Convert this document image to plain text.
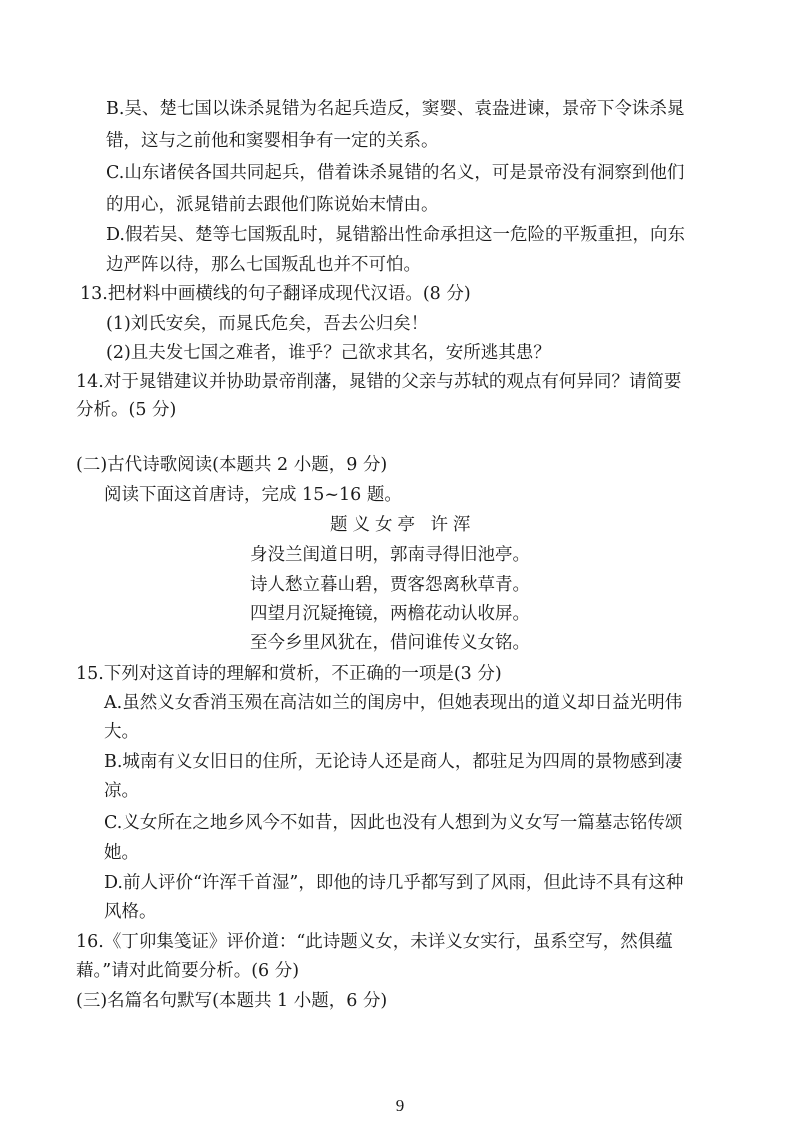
B.吴、楚七国以诛杀晁错为名起兵造反，窦婴、袁盎进谏，景帝下令诛杀晁
错，这与之前他和窦婴相争有一定的关系。
C.山东诸侯各国共同起兵，借着诛杀晁错的名义，可是景帝没有洞察到他们
的用心，派晁错前去跟他们陈说始末情由。
D.假若吴、楚等七国叛乱时，晁错豁出性命承担这一危险的平叛重担，向东
边严阵以待，那么七国叛乱也并不可怕。
13.把材料中画横线的句子翻译成现代汉语。(8 分)
(1)刘氏安矣，而晁氏危矣，吾去公归矣！
(2)且夫发七国之难者，谁乎？己欲求其名，安所逃其患？
14.对于晁错建议并协助景帝削藩，晁错的父亲与苏轼的观点有何异同？请简要
分析。(5 分)
(二)古代诗歌阅读(本题共 2 小题，9 分)
阅读下面这首唐诗，完成 15~16 题。
题义女亭 许浑
身没兰闺道日明，郭南寻得旧池亭。
诗人愁立暮山碧，贾客怨离秋草青。
四望月沉疑掩镜，两檐花动认收屏。
至今乡里风犹在，借问谁传义女铭。
15.下列对这首诗的理解和赏析，不正确的一项是(3 分)
A.虽然义女香消玉殒在高洁如兰的闺房中，但她表现出的道义却日益光明伟
大。
B.城南有义女旧日的住所，无论诗人还是商人，都驻足为四周的景物感到凄
凉。
C.义女所在之地乡风今不如昔，因此也没有人想到为义女写一篇墓志铭传颂
她。
D.前人评价“许浑千首湿”，即他的诗几乎都写到了风雨，但此诗不具有这种
风格。
16.《丁卯集笺证》评价道：“此诗题义女，未详义女实行，虽系空写，然俱蕴
藉。”请对此简要分析。(6 分)
(三)名篇名句默写(本题共 1 小题，6 分)
9
